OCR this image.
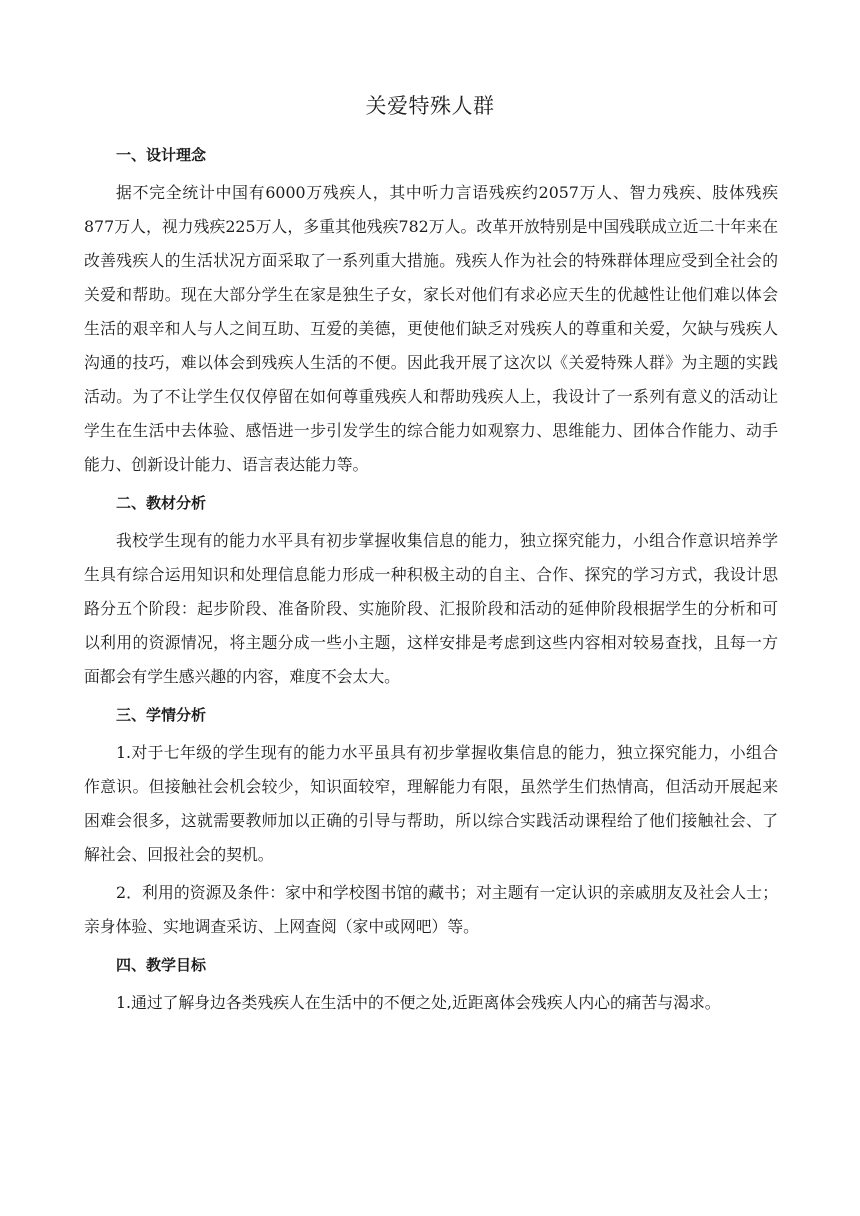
关爱特殊人群
一、设计理念
据不完全统计中国有6000万残疾人，其中听力言语残疾约2057万人、智力残疾、肢体残疾877万人，视力残疾225万人，多重其他残疾782万人。改革开放特别是中国残联成立近二十年来在改善残疾人的生活状况方面采取了一系列重大措施。残疾人作为社会的特殊群体理应受到全社会的关爱和帮助。现在大部分学生在家是独生子女，家长对他们有求必应天生的优越性让他们难以体会生活的艰辛和人与人之间互助、互爱的美德，更使他们缺乏对残疾人的尊重和关爱，欠缺与残疾人沟通的技巧，难以体会到残疾人生活的不便。因此我开展了这次以《关爱特殊人群》为主题的实践活动。为了不让学生仅仅停留在如何尊重残疾人和帮助残疾人上，我设计了一系列有意义的活动让学生在生活中去体验、感悟进一步引发学生的综合能力如观察力、思维能力、团体合作能力、动手能力、创新设计能力、语言表达能力等。
二、教材分析
我校学生现有的能力水平具有初步掌握收集信息的能力，独立探究能力，小组合作意识培养学生具有综合运用知识和处理信息能力形成一种积极主动的自主、合作、探究的学习方式，我设计思路分五个阶段：起步阶段、准备阶段、实施阶段、汇报阶段和活动的延伸阶段根据学生的分析和可以利用的资源情况，将主题分成一些小主题，这样安排是考虑到这些内容相对较易查找，且每一方面都会有学生感兴趣的内容，难度不会太大。
三、学情分析
1.对于七年级的学生现有的能力水平虽具有初步掌握收集信息的能力，独立探究能力，小组合作意识。但接触社会机会较少，知识面较窄，理解能力有限，虽然学生们热情高，但活动开展起来困难会很多，这就需要教师加以正确的引导与帮助，所以综合实践活动课程给了他们接触社会、了解社会、回报社会的契机。
2．利用的资源及条件：家中和学校图书馆的藏书；对主题有一定认识的亲戚朋友及社会人士；亲身体验、实地调查采访、上网查阅（家中或网吧）等。
四、教学目标
1.通过了解身边各类残疾人在生活中的不便之处,近距离体会残疾人内心的痛苦与渴求。
